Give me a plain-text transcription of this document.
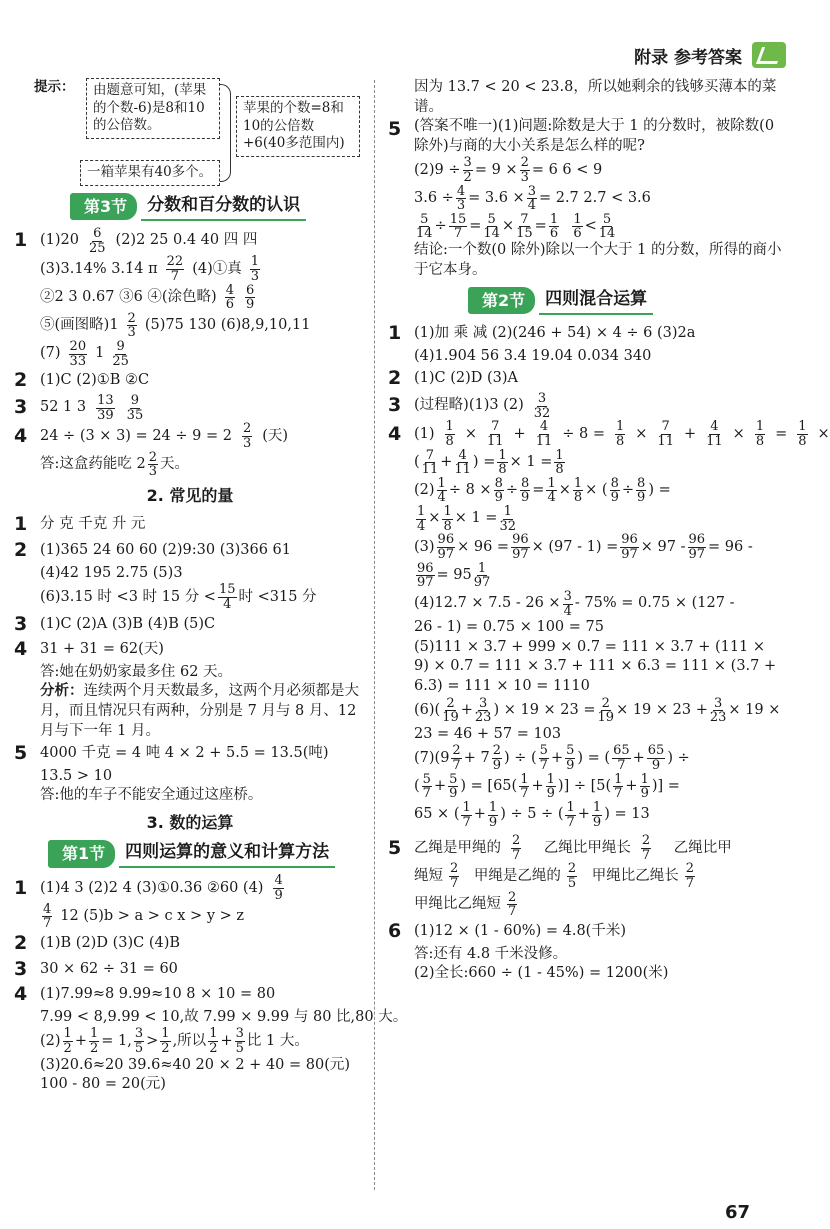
附录 参考答案
提示：	由题意可知，(苹果的个数-6)是8和10的公倍数。
苹果的个数=8和10的公倍数+6(40多范围内)
一箱苹果有40多个。
第3节	分数和百分数的认识
1 $(1)20 \frac{6}{25} (2)2$ 25 0.4 40 四 四
(3)3.14% 3.1̇4̇ π $\frac{22}{7}$ (4)①真 $\frac{1}{3}$
②2 3 0.67 ③6 ④(涂色略) $\frac{4}{6} \frac{6}{9}$
⑤(画图略)$1 \frac{2}{3} (5)75$ 130 (6)8,9,10,11
$(7) \frac{20}{33} 1 \frac{9}{25}$
2 (1)C (2)①B ②C
3 52 1 $3 \frac{13}{39} \frac{9}{35}$
4 $24 \div (3 \times 3) = 24 \div 9 = 2 \frac{2}{3}$ (天)
答:这盒药能吃 $2 \frac{2}{3}$ 天。
2. 常见的量
1 分 克 千克 升 元
2 (1)365 24 60 60 (2)9:30 (3)366 61
(4)42 195 2.75 (5)3
(6)3.15 时 <3 时 15 分 < $\frac{15}{4}$ 时 <315 分
3 (1)C (2)A (3)B (4)B (5)C
4 31 + 31 = 62(天)
答:她在奶奶家最多住 62 天。
分析：连续两个月天数最多，这两个月必须都是大月，而且情况只有两种，分别是 7 月与 8 月、12 月与下一年 1 月。
5 4000 千克 = 4 吨 4 × 2 + 5.5 = 13.5(吨)
13.5 > 10
答:他的车子不能安全通过这座桥。
3. 数的运算
第1节	四则运算的意义和计算方法
1 (1)4 3 (2)2 4 (3)①0.36 ②60 $(4) \frac{4}{9}$
$\frac{4}{7} 12$ (5)b > a > c x > y > z
2 (1)B (2)D (3)C (4)B
3 30 × 62 ÷ 31 = 60
4 (1)7.99≈8 9.99≈10 8 × 10 = 80
7.99 < 8,9.99 < 10,故 7.99 × 9.99 与 80 比,80 大。
$(2) \frac{1}{2} + \frac{1}{2} = 1$, $\frac{3}{5} > \frac{1}{2}$ ,所以 $\frac{1}{2} + \frac{3}{5}$ 比 1 大。
(3)20.6≈20 39.6≈40 20 × 2 + 40 = 80(元)
100 - 80 = 20(元)
因为 13.7 < 20 < 23.8，所以她剩余的钱够买薄本的菜谱。
5 (答案不唯一)(1)问题:除数是大于 1 的分数时，被除数(0 除外)与商的大小关系是怎么样的呢?
$(2)9 \div \frac{3}{2} = 9 \times \frac{2}{3} = 6$ 6 < 9
$3.6 \div \frac{4}{3} = 3.6 \times \frac{3}{4} = 2.7$ 2.7 < 3.6
$\frac{5}{14} \div \frac{15}{7} = \frac{5}{14} \times \frac{7}{15} = \frac{1}{6}$
$\frac{1}{6} < \frac{5}{14}$
结论:一个数(0 除外)除以一个大于 1 的分数，所得的商小于它本身。
第2节	四则混合运算
1 (1)加 乘 减 (2)(246 + 54) × 4 ÷ 6 (3)2a
(4)1.904 56 3.4 19.04 0.034 340
2 (1)C (2)D (3)A
3 (过程略)(1)3 $(2) \frac{3}{32}$
4 $(1) \frac{1}{8} \times \frac{7}{11} + \frac{4}{11} \div 8 = \frac{1}{8} \times \frac{7}{11} + \frac{4}{11} \times \frac{1}{8} = \frac{1}{8}$ ×
( $\frac{7}{11} + \frac{4}{11}$ ) = $\frac{1}{8} \times 1 = \frac{1}{8}$
$(2) \frac{1}{4} \div 8 \times \frac{8}{9} \div \frac{8}{9} = \frac{1}{4} \times \frac{1}{8}$ × ( $\frac{8}{9} \div \frac{8}{9}$ ) =
$\frac{1}{4} \times \frac{1}{8} \times 1 = \frac{1}{32}$
$(3) \frac{96}{97} \times 96 = \frac{96}{97} \times (97 - 1) = \frac{96}{97} \times 97 - \frac{96}{97} = 96$ -
$\frac{96}{97} = 95 \frac{1}{97}$
$(4)12.7 \times 7.5 - 26 \times \frac{3}{4} - 75\% = 0.75 \times (127$ -
26 - 1) = 0.75 × 100 = 75
(5)111 × 3.7 + 999 × 0.7 = 111 × 3.7 + (111 ×
9) × 0.7 = 111 × 3.7 + 111 × 6.3 = 111 × (3.7 +
6.3) = 111 × 10 = 1110
$(6)( \frac{2}{19} + \frac{3}{23}$ ) × $19 \times 23 = \frac{2}{19} \times 19 \times 23 + \frac{3}{23} \times 19$ ×
23 = 46 + 57 = 103
$(7)(9 \frac{2}{7} + 7 \frac{2}{9}$ ) ÷ ( $\frac{5}{7} + \frac{5}{9}$ ) = ( $\frac{65}{7} + \frac{65}{9}$ ) ÷
( $\frac{5}{7} + \frac{5}{9}$ ) = [$65( \frac{1}{7} + \frac{1}{9}$ )] ÷ [$5( \frac{1}{7} + \frac{1}{9}$ )] =
65 × ( $\frac{1}{7} + \frac{1}{9}$ ) ÷ 5 ÷ ( $\frac{1}{7} + \frac{1}{9}$ ) = 13
5 乙绳是甲绳的 $\frac{2}{7}$
乙绳比甲绳长 $\frac{2}{7}$
乙绳比甲
绳短 $\frac{2}{7}$
甲绳是乙绳的 $\frac{2}{5}$
甲绳比乙绳长 $\frac{2}{7}$
甲绳比乙绳短 $\frac{2}{7}$
6 (1)12 × (1 - 60%) = 4.8(千米)
答:还有 4.8 千米没修。
(2)全长:660 ÷ (1 - 45%) = 1200(米)
67
